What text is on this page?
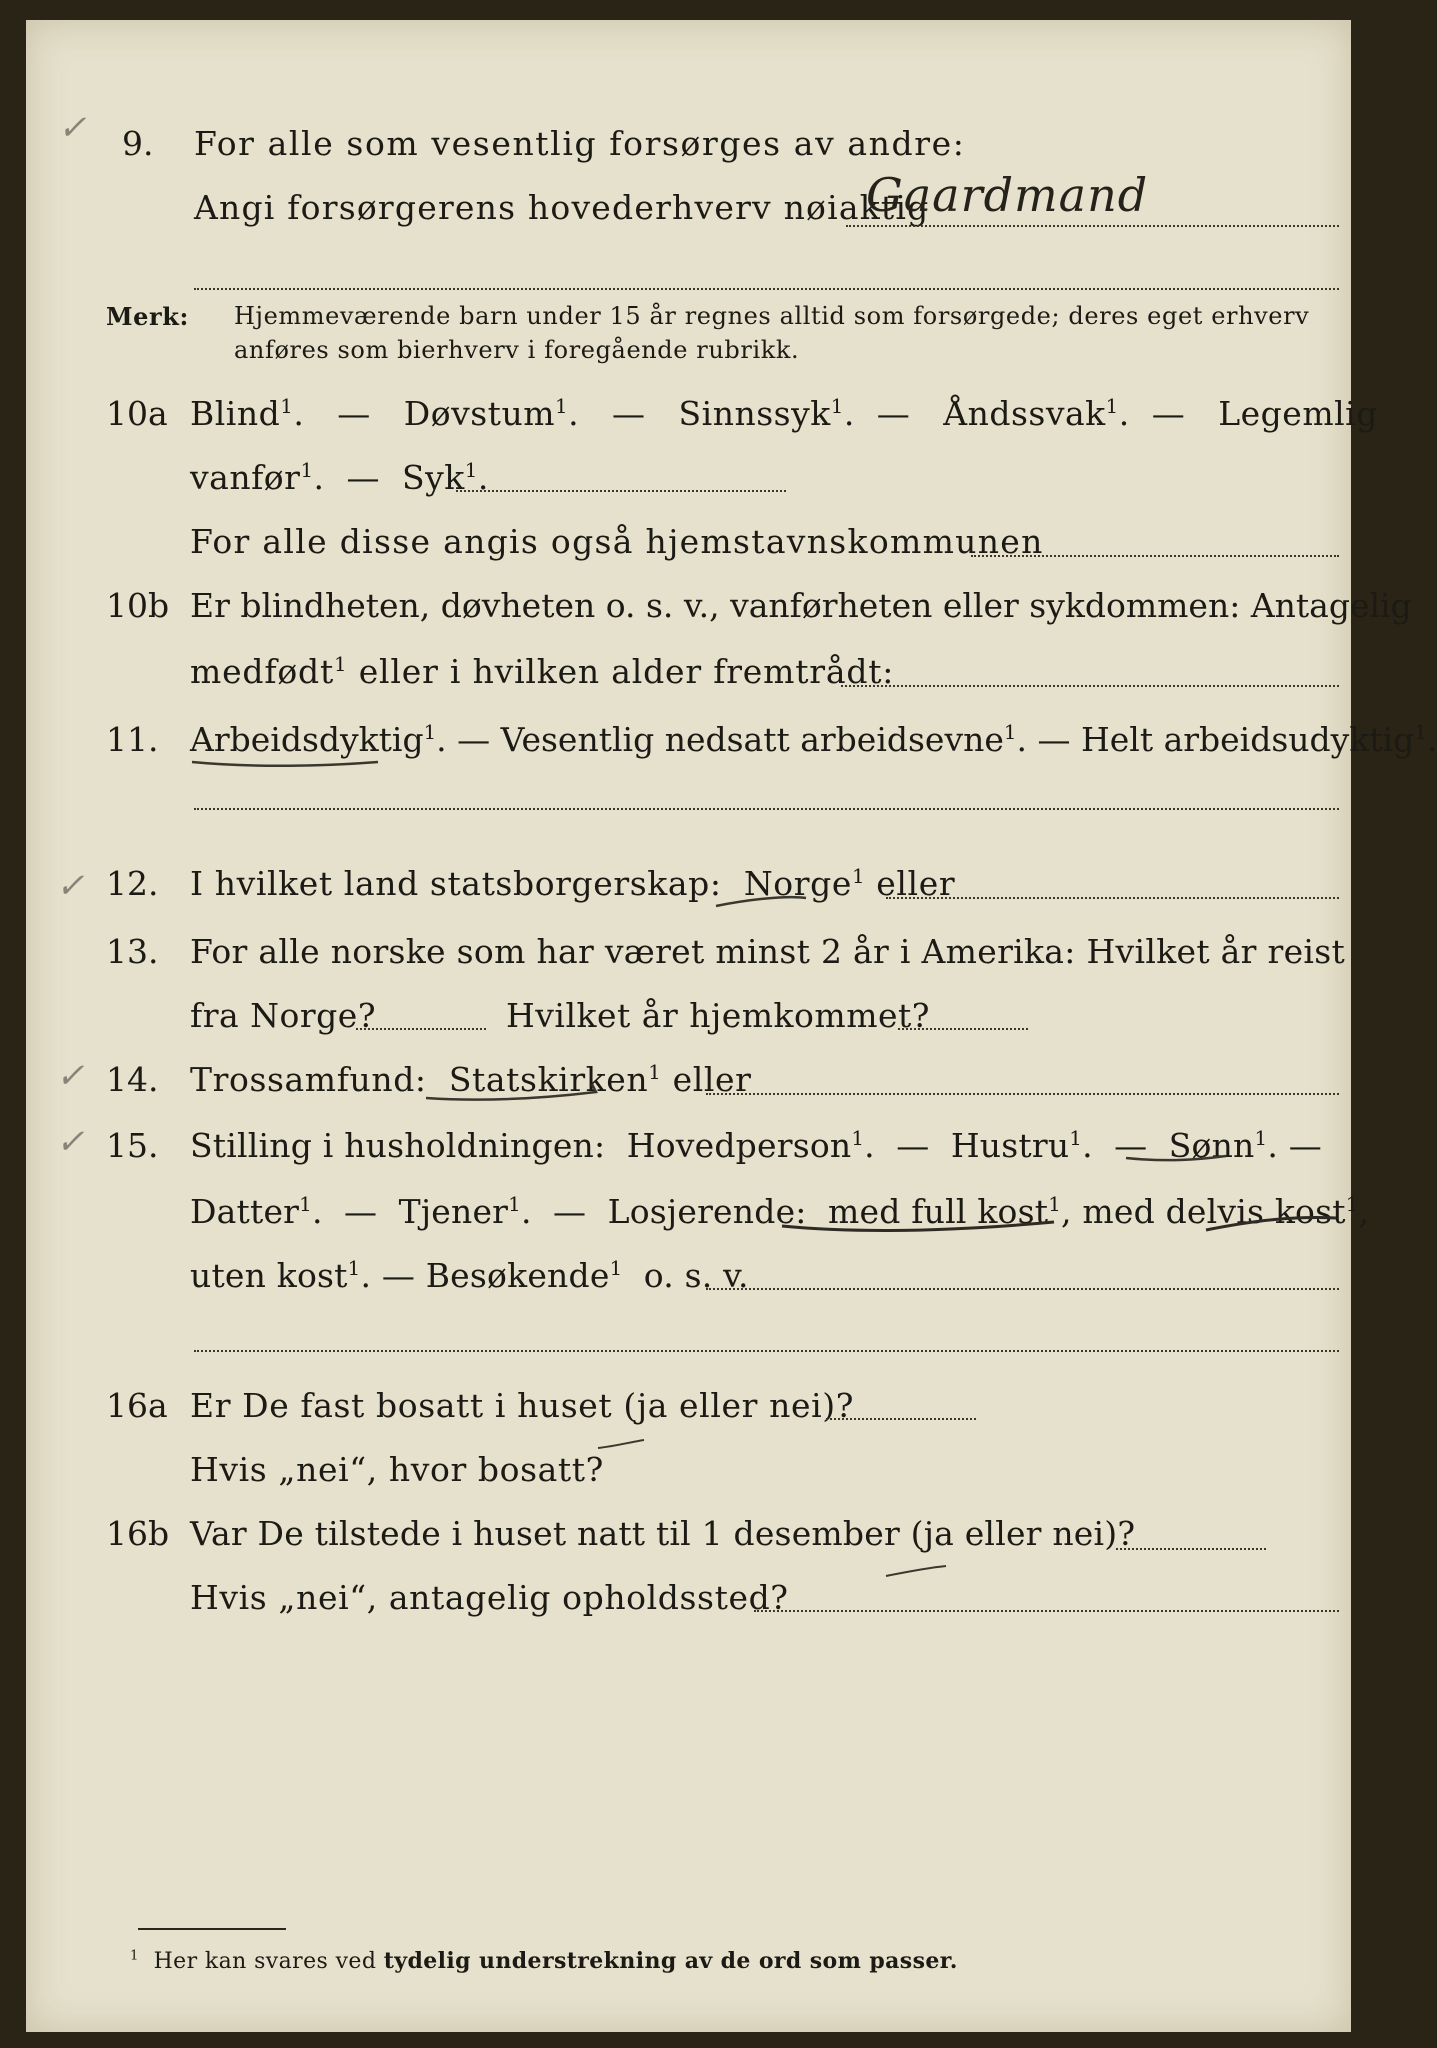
✓
✓
✓
✓
9. For alle som vesentlig forsørges av andre:
Angi forsørgerens hovederhverv nøiaktig
Gaardmand
Merk: Hjemmeværende barn under 15 år regnes alltid som forsørgede; deres eget erhverv
anføres som bierhverv i foregående rubrikk.
10a Blind$^1$.   —   Døvstum$^1$.   —   Sinnssyk$^1$.  —   Åndssvak$^1$.  —   Legemlig
vanfør$^1$.  —  Syk$^1$.
For alle disse angis også hjemstavnskommunen
10b Er blindheten, døvheten o. s. v., vanførheten eller sykdommen: Antagelig
medfødt$^1$ eller i hvilken alder fremtrådt:
11. Arbeidsdyktig$^1$. — Vesentlig nedsatt arbeidsevne$^1$. — Helt arbeidsudyktig$^1$.
12. I hvilket land statsborgerskap: Norge$^1$ eller
13. For alle norske som har været minst 2 år i Amerika: Hvilket år reist
fra Norge?	Hvilket år hjemkommet?
14. Trossamfund: Statskirken$^1$ eller
15. Stilling i husholdningen: Hovedperson$^1$.  —  Hustru$^1$.  —  Sønn$^1$. —
Datter$^1$.  —  Tjener$^1$.  —  Losjerende: med full kost$^1$, med delvis kost$^1$,
uten kost$^1$. — Besøkende$^1$ o. s. v.
16a Er De fast bosatt i huset (ja eller nei)?
Hvis „nei“, hvor bosatt?
16b Var De tilstede i huset natt til 1 desember (ja eller nei)?
Hvis „nei“, antagelig opholdssted?
$^1$ Her kan svares ved tydelig understrekning av de ord som passer.
